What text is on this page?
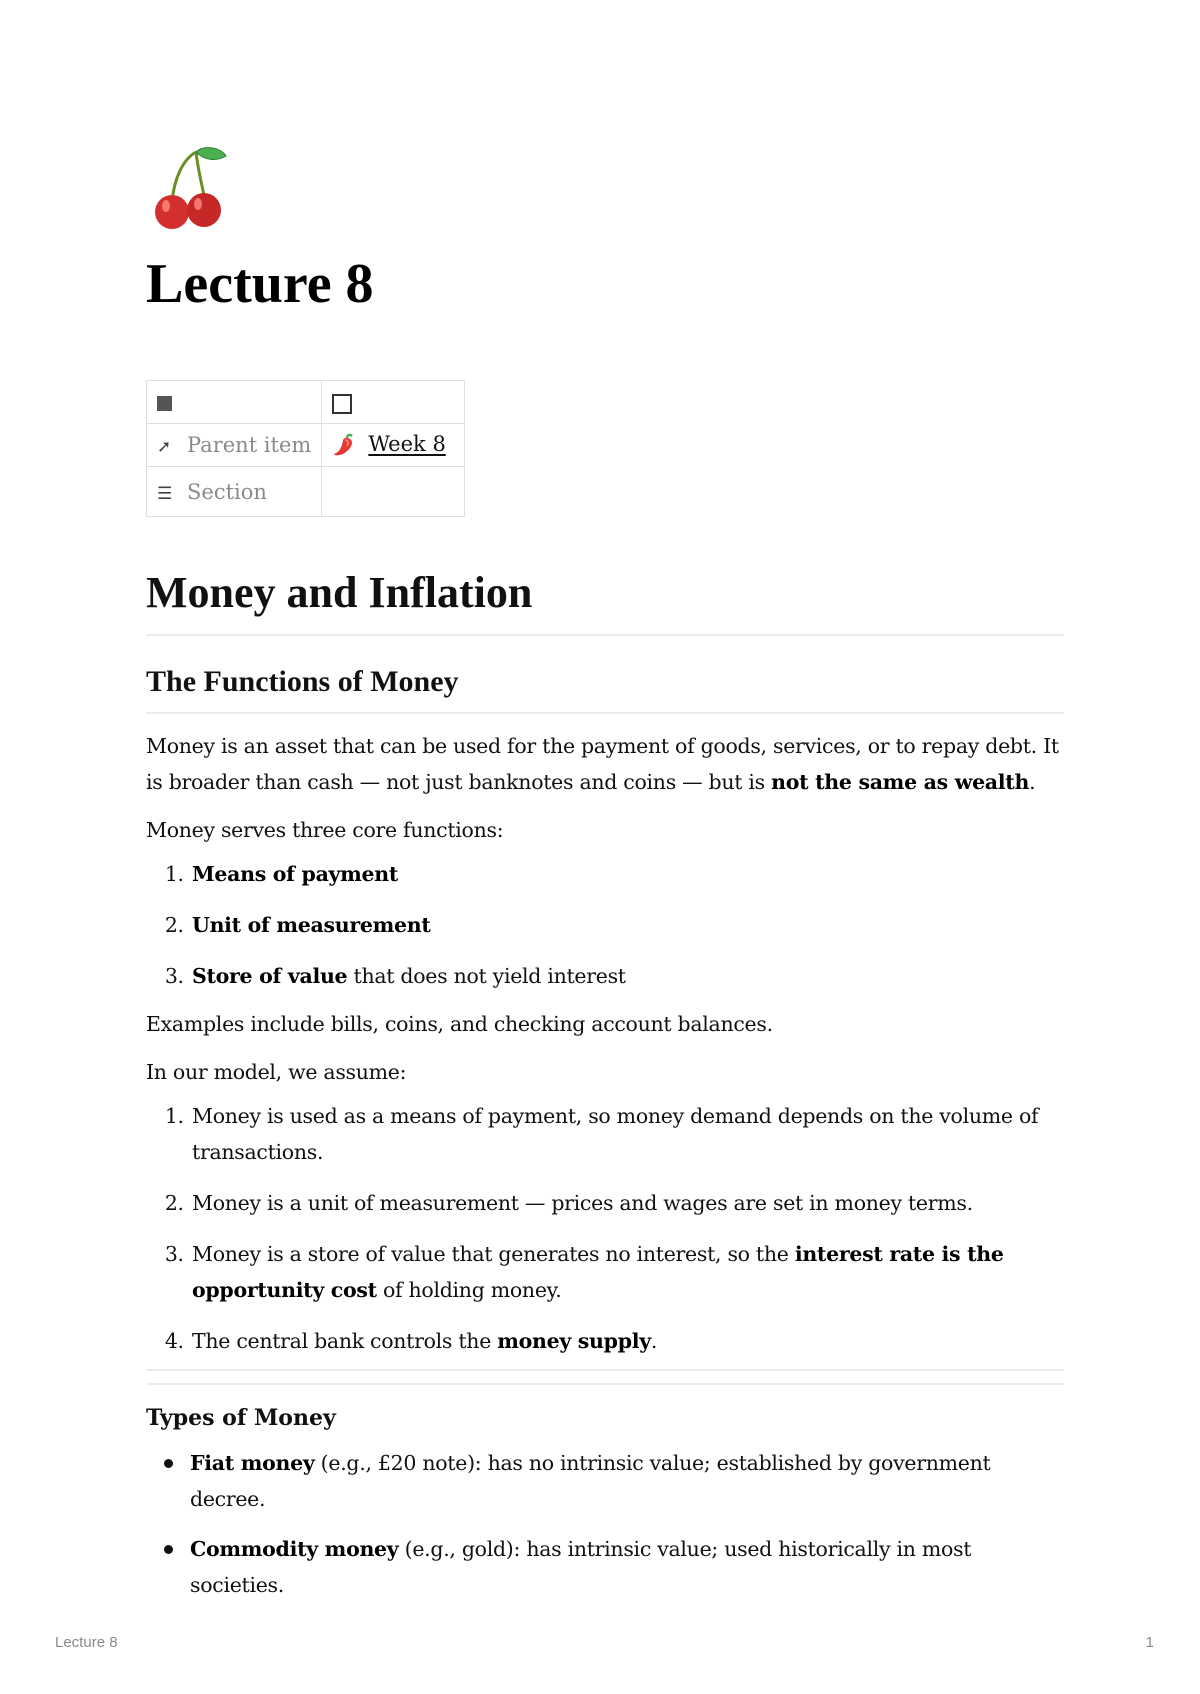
Lecture 8

➚ Parent item	Week 8
☰ Section	
Money and Inflation
The Functions of Money

Money is an asset that can be used for the payment of goods, services, or to repay debt. It is broader than cash — not just banknotes and coins — but is not the same as wealth.

Money serves three core functions:

1. Means of payment
2. Unit of measurement
3. Store of value that does not yield interest

Examples include bills, coins, and checking account balances.

In our model, we assume:

1. Money is used as a means of payment, so money demand depends on the volume of transactions.
2. Money is a unit of measurement — prices and wages are set in money terms.
3. Money is a store of value that generates no interest, so the interest rate is the opportunity cost of holding money.
4. The central bank controls the money supply.
Types of Money
Fiat money (e.g., £20 note): has no intrinsic value; established by government decree.
Commodity money (e.g., gold): has intrinsic value; used historically in most societies.
Lecture 8	1
